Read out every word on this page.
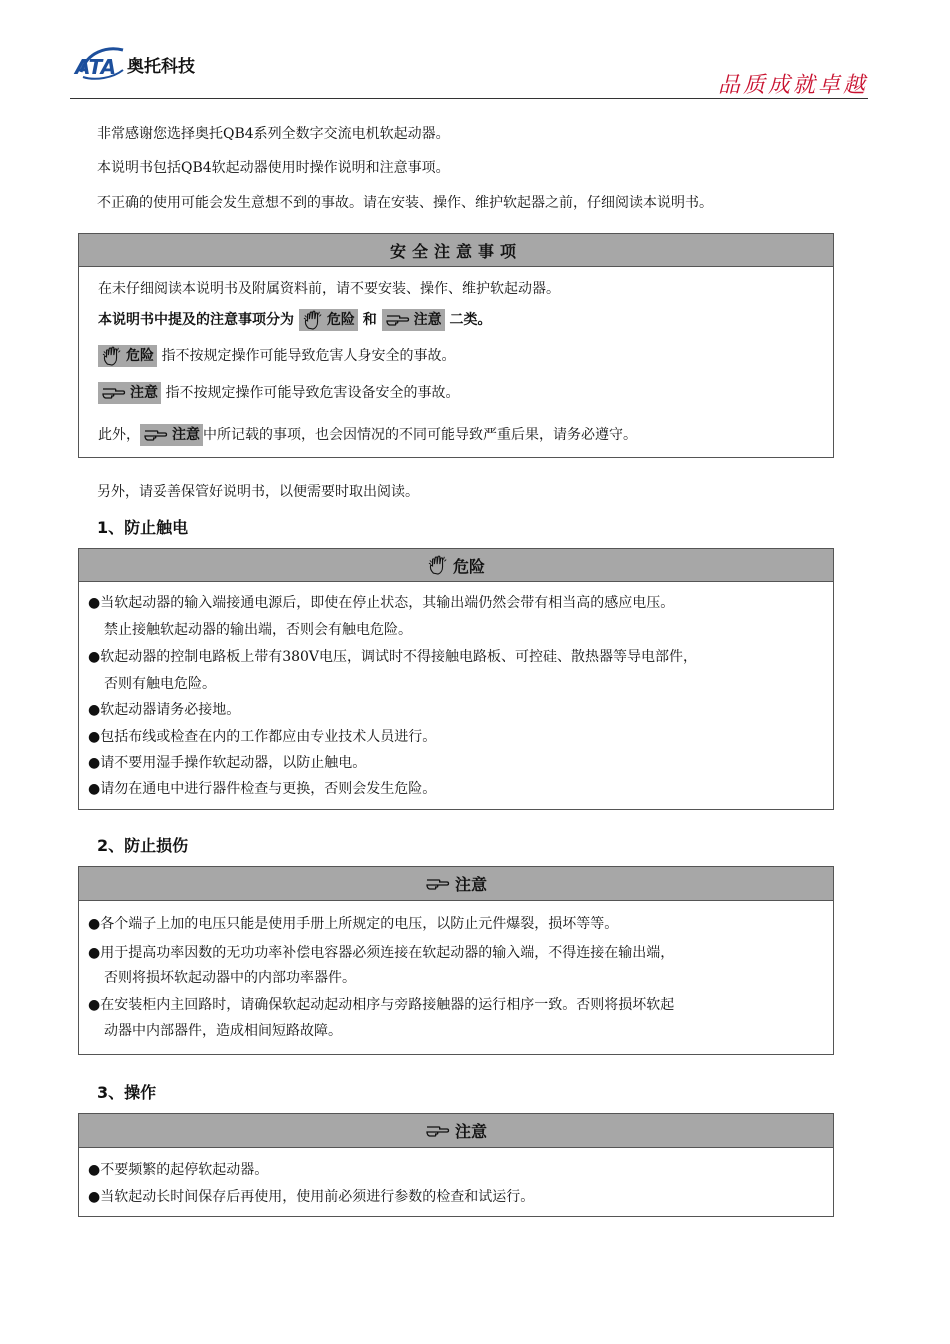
ATA 奥托科技
品质成就卓越
非常感谢您选择奥托QB4系列全数字交流电机软起动器。
本说明书包括QB4软起动器使用时操作说明和注意事项。
不正确的使用可能会发生意想不到的事故。请在安装、操作、维护软起器之前，仔细阅读本说明书。
安全注意事项
在未仔细阅读本说明书及附属资料前，请不要安装、操作、维护软起动器。
本说明书中提及的注意事项分为 危险 和	注意 二类。
危险 指不按规定操作可能导致危害人身安全的事故。
注意 指不按规定操作可能导致危害设备安全的事故。
此外， 注意 中所记载的事项，也会因情况的不同可能导致严重后果，请务必遵守。
另外，请妥善保管好说明书，以便需要时取出阅读。
1、防止触电
危险
●当软起动器的输入端接通电源后，即使在停止状态，其输出端仍然会带有相当高的感应电压。
禁止接触软起动器的输出端，否则会有触电危险。
●软起动器的控制电路板上带有380V电压，调试时不得接触电路板、可控硅、散热器等导电部件，
否则有触电危险。
●软起动器请务必接地。
●包括布线或检查在内的工作都应由专业技术人员进行。
●请不要用湿手操作软起动器，以防止触电。
●请勿在通电中进行器件检查与更换，否则会发生危险。
2、防止损伤
注意
●各个端子上加的电压只能是使用手册上所规定的电压，以防止元件爆裂，损坏等等。
●用于提高功率因数的无功功率补偿电容器必须连接在软起动器的输入端，不得连接在输出端，
否则将损坏软起动器中的内部功率器件。
●在安装柜内主回路时，请确保软起动起动相序与旁路接触器的运行相序一致。否则将损坏软起
动器中内部器件，造成相间短路故障。
3、操作
注意
●不要频繁的起停软起动器。
●当软起动长时间保存后再使用，使用前必须进行参数的检查和试运行。
